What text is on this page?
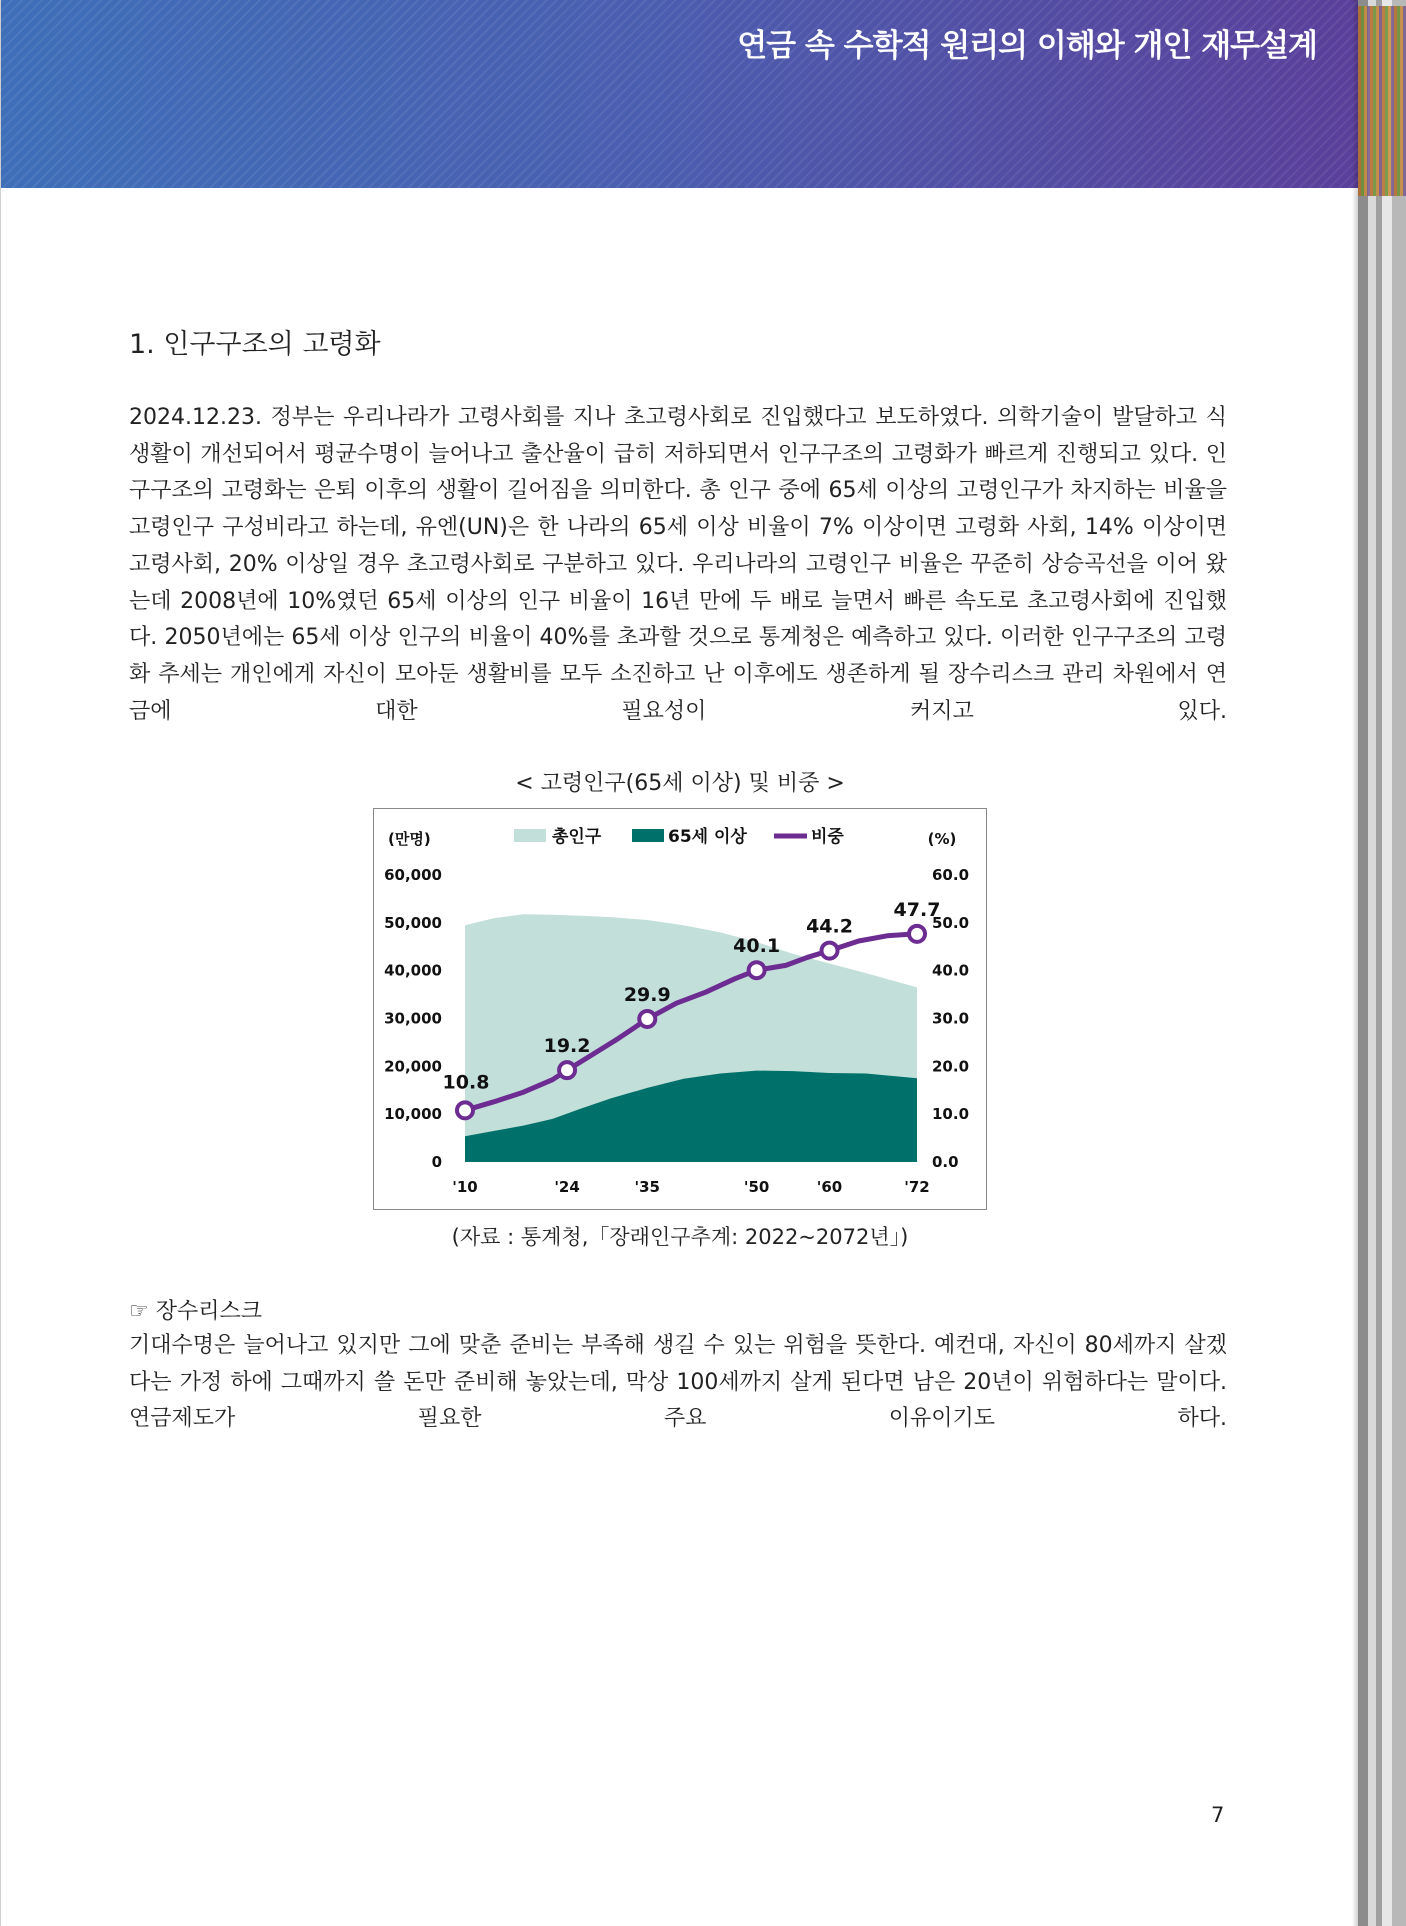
연금 속 수학적 원리의 이해와 개인 재무설계
1. 인구구조의 고령화
2024.12.23. 정부는 우리나라가 고령사회를 지나 초고령사회로 진입했다고 보도하였다. 의학기술이 발달하고 식생활이 개선되어서 평균수명이 늘어나고 출산율이 급히 저하되면서 인구구조의 고령화가 빠르게 진행되고 있다. 인구구조의 고령화는 은퇴 이후의 생활이 길어짐을 의미한다. 총 인구 중에 65세 이상의 고령인구가 차지하는 비율을 고령인구 구성비라고 하는데, 유엔(UN)은 한 나라의 65세 이상 비율이 7% 이상이면 고령화 사회, 14% 이상이면 고령사회, 20% 이상일 경우 초고령사회로 구분하고 있다. 우리나라의 고령인구 비율은 꾸준히 상승곡선을 이어 왔는데 2008년에 10%였던 65세 이상의 인구 비율이 16년 만에 두 배로 늘면서 빠른 속도로 초고령사회에 진입했다. 2050년에는 65세 이상 인구의 비율이 40%를 초과할 것으로 통계청은 예측하고 있다. 이러한 인구구조의 고령화 추세는 개인에게 자신이 모아둔 생활비를 모두 소진하고 난 이후에도 생존하게 될 장수리스크 관리 차원에서 연금에 대한 필요성이 커지고 있다.
< 고령인구(65세 이상) 및 비중 >
10.8
19.2
29.9
40.1
44.2
47.7
60,000
50,000
40,000
30,000
20,000
10,000
0
60.0
50.0
40.0
30.0
20.0
10.0
0.0
'10	'24	'35	'50	'60	'72
(만명)	(%)
총인구	65세 이상	비중
(자료 : 통계청,「장래인구추계: 2022~2072년」)
☞ 장수리스크
기대수명은 늘어나고 있지만 그에 맞춘 준비는 부족해 생길 수 있는 위험을 뜻한다. 예컨대, 자신이 80세까지 살겠다는 가정 하에 그때까지 쓸 돈만 준비해 놓았는데, 막상 100세까지 살게 된다면 남은 20년이 위험하다는 말이다. 연금제도가 필요한 주요 이유이기도 하다.
7
